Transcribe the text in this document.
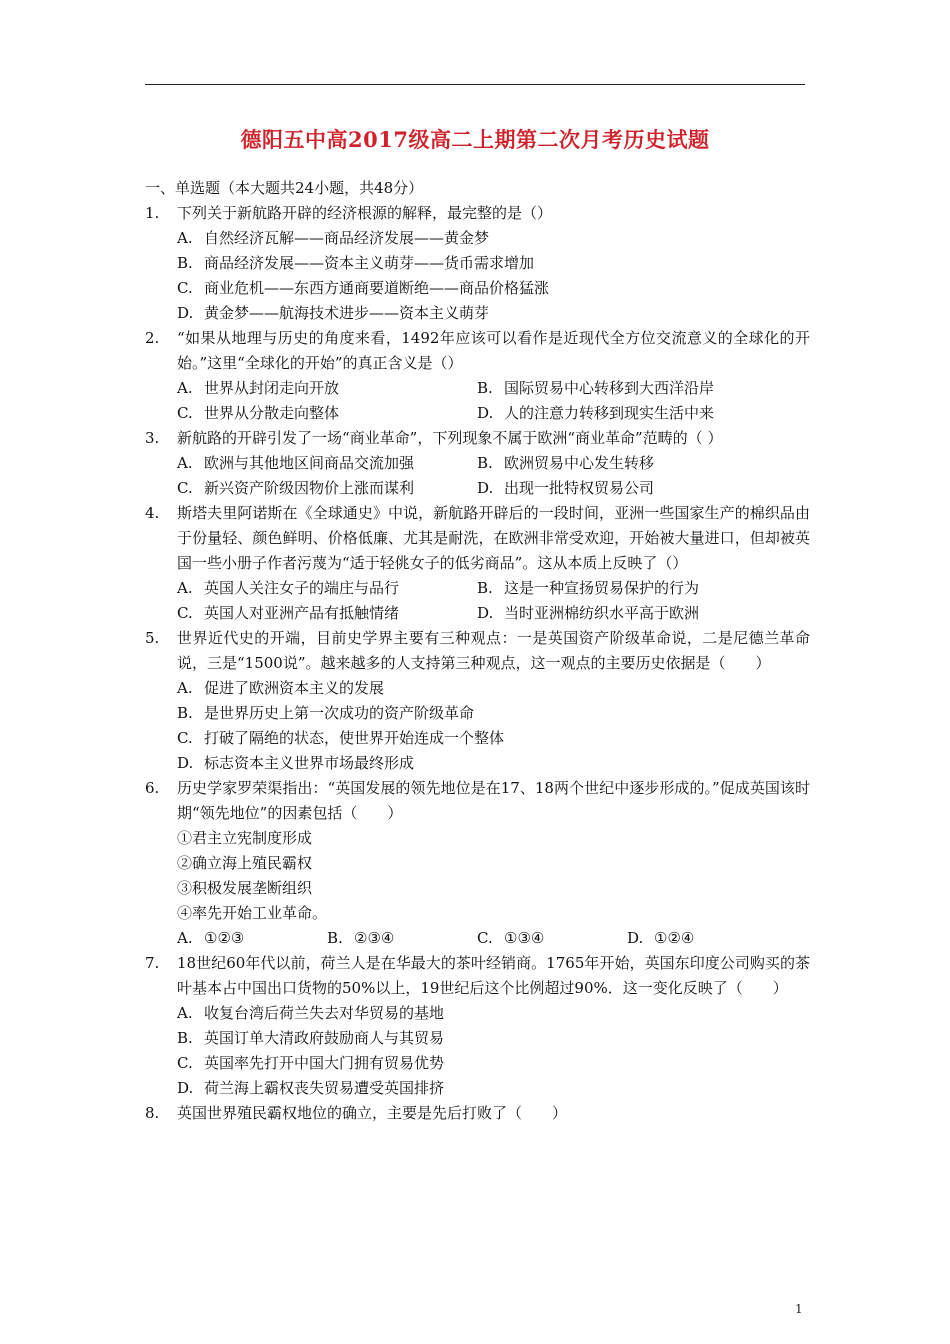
德阳五中高2017级高二上期第二次月考历史试题
一、单选题（本大题共24小题，共48分）
1. 下列关于新航路开辟的经济根源的解释，最完整的是（）
A. 自然经济瓦解——商品经济发展——黄金梦
B. 商品经济发展——资本主义萌芽——货币需求增加
C. 商业危机——东西方通商要道断绝——商品价格猛涨
D. 黄金梦——航海技术进步——资本主义萌芽
2. “如果从地理与历史的角度来看，1492年应该可以看作是近现代全方位交流意义的全球化的开始。”这里“全球化的开始”的真正含义是（）
A. 世界从封闭走向开放	B. 国际贸易中心转移到大西洋沿岸
C. 世界从分散走向整体	D. 人的注意力转移到现实生活中来
3. 新航路的开辟引发了一场“商业革命”，下列现象不属于欧洲“商业革命”范畴的（ ）
A. 欧洲与其他地区间商品交流加强	B. 欧洲贸易中心发生转移
C. 新兴资产阶级因物价上涨而谋利	D. 出现一批特权贸易公司
4. 斯塔夫里阿诺斯在《全球通史》中说，新航路开辟后的一段时间，亚洲一些国家生产的棉织品由于份量轻、颜色鲜明、价格低廉、尤其是耐洗，在欧洲非常受欢迎，开始被大量进口，但却被英国一些小册子作者污蔑为“适于轻佻女子的低劣商品”。这从本质上反映了（）
A. 英国人关注女子的端庄与品行	B. 这是一种宣扬贸易保护的行为
C. 英国人对亚洲产品有抵触情绪	D. 当时亚洲棉纺织水平高于欧洲
5. 世界近代史的开端，目前史学界主要有三种观点：一是英国资产阶级革命说，二是尼德兰革命说，三是“1500说”。越来越多的人支持第三种观点，这一观点的主要历史依据是（　　）
A. 促进了欧洲资本主义的发展
B. 是世界历史上第一次成功的资产阶级革命
C. 打破了隔绝的状态，使世界开始连成一个整体
D. 标志资本主义世界市场最终形成
6. 历史学家罗荣渠指出：“英国发展的领先地位是在17、18两个世纪中逐步形成的。”促成英国该时期“领先地位”的因素包括（　　）
①君主立宪制度形成
②确立海上殖民霸权
③积极发展垄断组织
④率先开始工业革命。
A. ①②③	B. ②③④	C. ①③④	D. ①②④
7. 18世纪60年代以前，荷兰人是在华最大的茶叶经销商。1765年开始，英国东印度公司购买的茶叶基本占中国出口货物的50%以上，19世纪后这个比例超过90%．这一变化反映了（　　）
A. 收复台湾后荷兰失去对华贸易的基地
B. 英国订单大清政府鼓励商人与其贸易
C. 英国率先打开中国大门拥有贸易优势
D. 荷兰海上霸权丧失贸易遭受英国排挤
8. 英国世界殖民霸权地位的确立，主要是先后打败了（　　）
1
